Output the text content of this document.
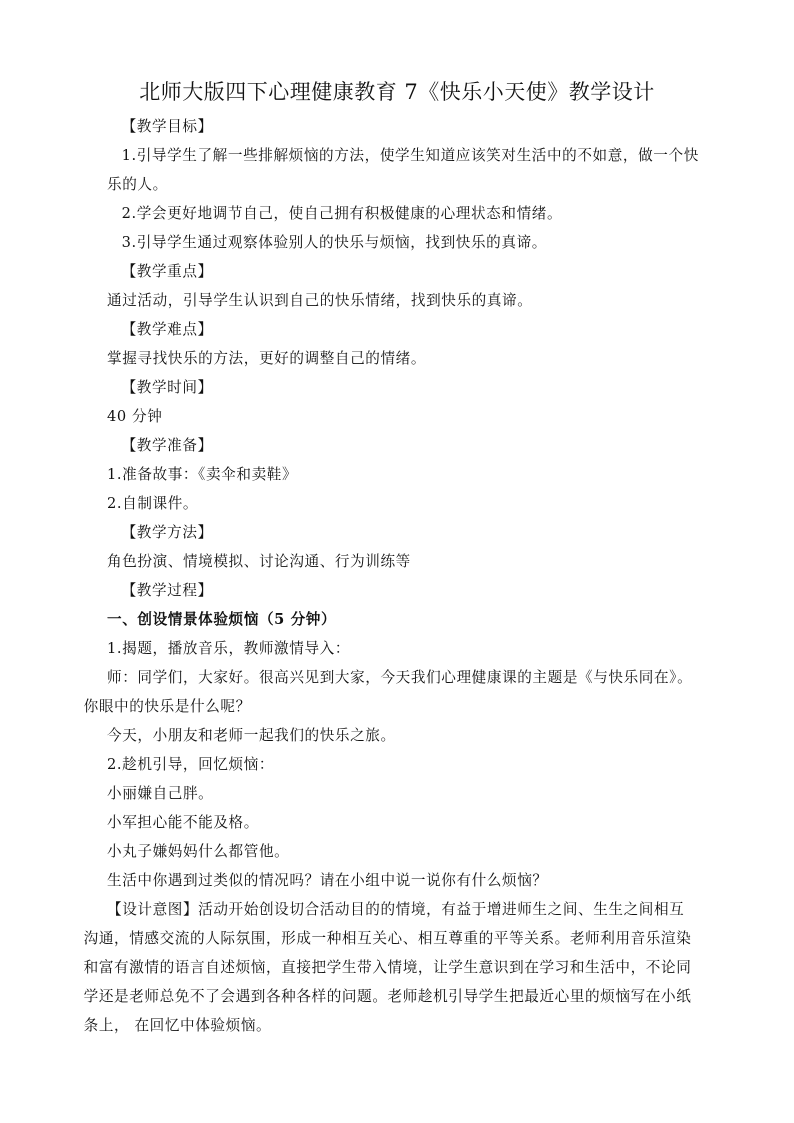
北师大版四下心理健康教育 7《快乐小天使》教学设计
【教学目标】
1.引导学生了解一些排解烦恼的方法，使学生知道应该笑对生活中的不如意，做一个快
乐的人。
2.学会更好地调节自己，使自己拥有积极健康的心理状态和情绪。
3.引导学生通过观察体验别人的快乐与烦恼，找到快乐的真谛。
【教学重点】
通过活动，引导学生认识到自己的快乐情绪，找到快乐的真谛。
【教学难点】
掌握寻找快乐的方法，更好的调整自己的情绪。
【教学时间】
40 分钟
【教学准备】
1.准备故事：《卖伞和卖鞋》
2.自制课件。
【教学方法】
角色扮演、情境模拟、讨论沟通、行为训练等
【教学过程】
一、创设情景体验烦恼（5 分钟）
1.揭题，播放音乐，教师激情导入：
师：同学们，大家好。很高兴见到大家，今天我们心理健康课的主题是《与快乐同在》。
你眼中的快乐是什么呢？
今天，小朋友和老师一起我们的快乐之旅。
2.趁机引导，回忆烦恼：
小丽嫌自己胖。
小军担心能不能及格。
小丸子嫌妈妈什么都管他。
生活中你遇到过类似的情况吗？请在小组中说一说你有什么烦恼？
【设计意图】活动开始创设切合活动目的的情境，有益于增进师生之间、生生之间相互
沟通，情感交流的人际氛围，形成一种相互关心、相互尊重的平等关系。老师利用音乐渲染
和富有激情的语言自述烦恼，直接把学生带入情境，让学生意识到在学习和生活中，不论同
学还是老师总免不了会遇到各种各样的问题。老师趁机引导学生把最近心里的烦恼写在小纸
条上， 在回忆中体验烦恼。
